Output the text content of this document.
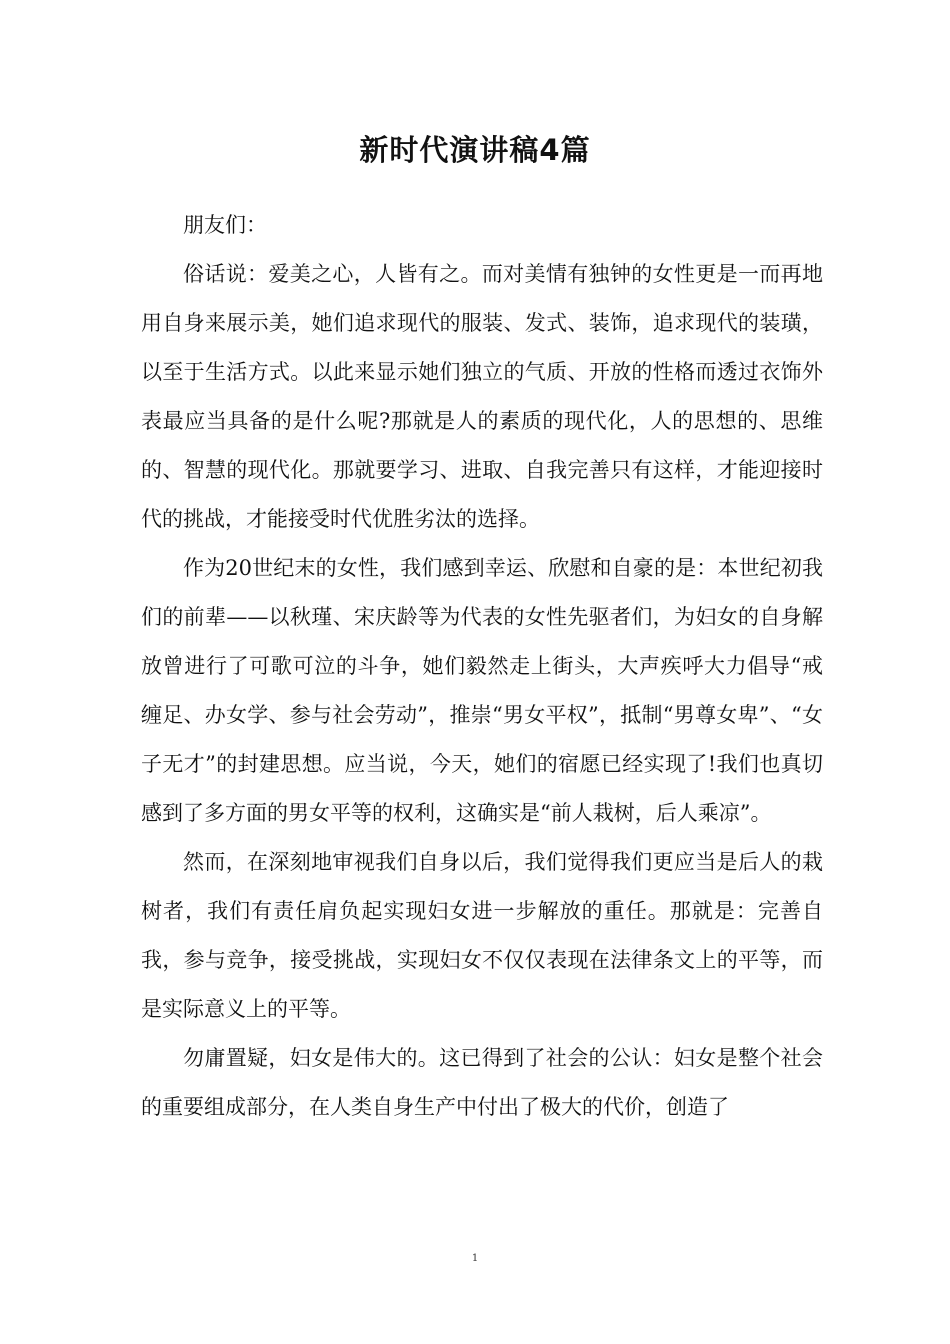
新时代演讲稿4篇

朋友们：

俗话说：爱美之心，人皆有之。而对美情有独钟的女性更是一而再地用自身来展示美，她们追求现代的服装、发式、装饰，追求现代的装璜，以至于生活方式。以此来显示她们独立的气质、开放的性格而透过衣饰外表最应当具备的是什么呢?那就是人的素质的现代化，人的思想的、思维的、智慧的现代化。那就要学习、进取、自我完善只有这样，才能迎接时代的挑战，才能接受时代优胜劣汰的选择。

作为20世纪末的女性，我们感到幸运、欣慰和自豪的是：本世纪初我们的前辈——以秋瑾、宋庆龄等为代表的女性先驱者们，为妇女的自身解放曾进行了可歌可泣的斗争，她们毅然走上街头，大声疾呼大力倡导“戒缠足、办女学、参与社会劳动”，推崇“男女平权”，抵制“男尊女卑”、“女子无才”的封建思想。应当说，今天，她们的宿愿已经实现了!我们也真切感到了多方面的男女平等的权利，这确实是“前人栽树，后人乘凉”。

然而，在深刻地审视我们自身以后，我们觉得我们更应当是后人的栽树者，我们有责任肩负起实现妇女进一步解放的重任。那就是：完善自我，参与竞争，接受挑战，实现妇女不仅仅表现在法律条文上的平等，而是实际意义上的平等。

勿庸置疑，妇女是伟大的。这已得到了社会的公认：妇女是整个社会的重要组成部分，在人类自身生产中付出了极大的代价，创造了

1
